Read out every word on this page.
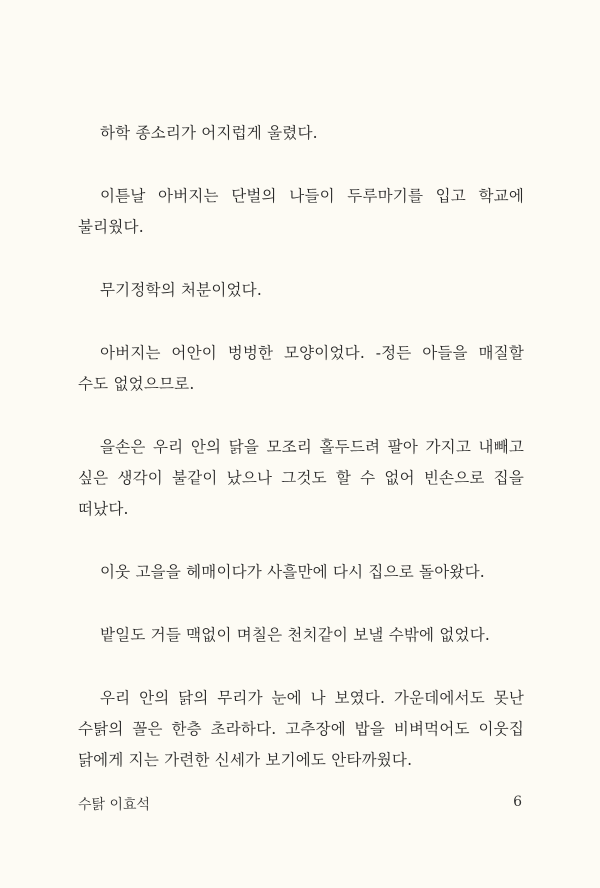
하학 종소리가 어지럽게 울렸다.

이튿날 아버지는 단벌의 나들이 두루마기를 입고 학교에 불리웠다.

무기정학의 처분이었다.

아버지는 어안이 벙벙한 모양이었다. -정든 아들을 매질할 수도 없었으므로.

을손은 우리 안의 닭을 모조리 홀두드려 팔아 가지고 내빼고 싶은 생각이 불같이 났으나 그것도 할 수 없어 빈손으로 집을 떠났다.

이웃 고을을 헤매이다가 사흘만에 다시 집으로 돌아왔다.

밭일도 거들 맥없이 며칠은 천치같이 보낼 수밖에 없었다.

우리 안의 닭의 무리가 눈에 나 보였다. 가운데에서도 못난 수탉의 꼴은 한층 초라하다. 고추장에 밥을 비벼먹어도 이웃집 닭에게 지는 가련한 신세가 보기에도 안타까웠다.

수탉 이효석	6
